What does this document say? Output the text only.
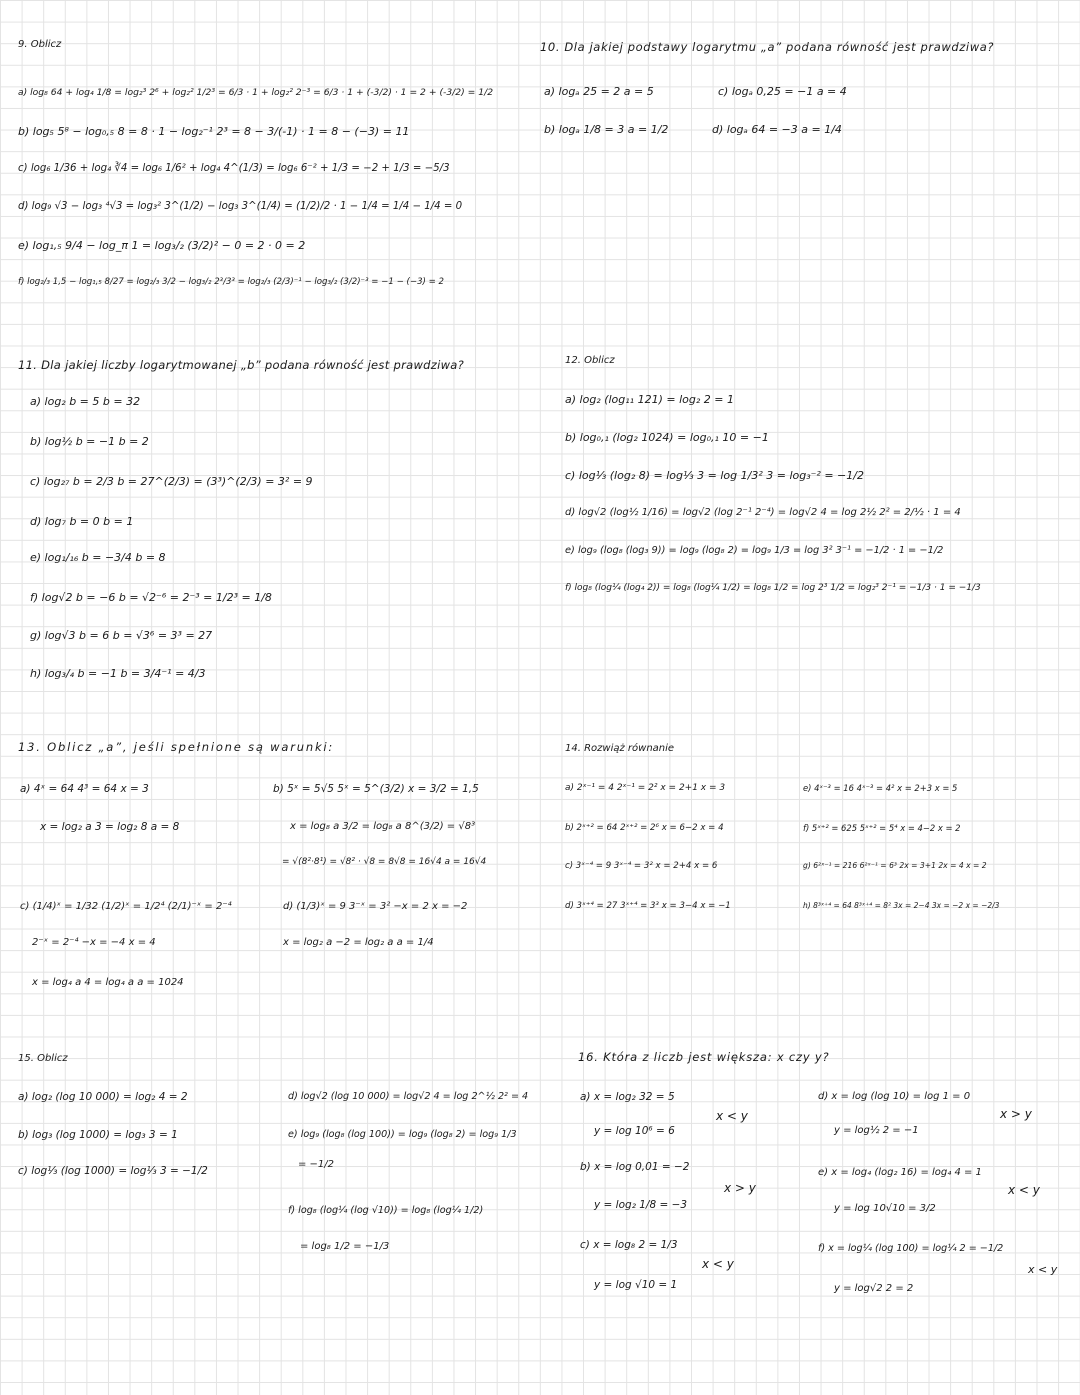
9. Oblicz
a) log₈ 64 + log₄ 1/8 = log₂³ 2⁶ + log₂² 1/2³ = 6/3 · 1 + log₂² 2⁻³ = 6/3 · 1 + (-3/2) · 1 = 2 + (-3/2) = 1/2
b) log₅ 5⁸ − log₀,₅ 8 = 8 · 1 − log₂⁻¹ 2³ = 8 − 3/(-1) · 1 = 8 − (−3) = 11
c) log₆ 1/36 + log₄ ∛4 = log₆ 1/6² + log₄ 4^(1/3) = log₆ 6⁻² + 1/3 = −2 + 1/3 = −5/3
d) log₉ √3 − log₃ ⁴√3 = log₃² 3^(1/2) − log₃ 3^(1/4) = (1/2)/2 · 1 − 1/4 = 1/4 − 1/4 = 0
e) log₁,₅ 9/4 − log_π 1 = log₃/₂ (3/2)² − 0 = 2 · 0 = 2
f) log₂/₃ 1,5 − log₁,₅ 8/27 = log₂/₃ 3/2 − log₃/₂ 2³/3³ = log₂/₃ (2/3)⁻¹ − log₃/₂ (3/2)⁻³ = −1 − (−3) = 2
10. Dla jakiej podstawy logarytmu „a” podana równość jest prawdziwa?
a) logₐ 25 = 2 a = 5	c) logₐ 0,25 = −1 a = 4
b) logₐ 1/8 = 3 a = 1/2	d) logₐ 64 = −3 a = 1/4
11. Dla jakiej liczby logarytmowanej „b” podana równość jest prawdziwa?
a) log₂ b = 5 b = 32
b) log½ b = −1 b = 2
c) log₂₇ b = 2/3 b = 27^(2/3) = (3³)^(2/3) = 3² = 9
d) log₇ b = 0 b = 1
e) log₁/₁₆ b = −3/4 b = 8
f) log√2 b = −6 b = √2⁻⁶ = 2⁻³ = 1/2³ = 1/8
g) log√3 b = 6 b = √3⁶ = 3³ = 27
h) log₃/₄ b = −1 b = 3/4⁻¹ = 4/3
12. Oblicz
a) log₂ (log₁₁ 121) = log₂ 2 = 1
b) log₀,₁ (log₂ 1024) = log₀,₁ 10 = −1
c) log⅓ (log₂ 8) = log⅓ 3 = log 1/3² 3 = log₃⁻² = −1/2
d) log√2 (log½ 1/16) = log√2 (log 2⁻¹ 2⁻⁴) = log√2 4 = log 2½ 2² = 2/½ · 1 = 4
e) log₉ (log₈ (log₃ 9)) = log₉ (log₈ 2) = log₉ 1/3 = log 3² 3⁻¹ = −1/2 · 1 = −1/2
f) log₈ (log¼ (log₄ 2)) = log₈ (log¼ 1/2) = log₈ 1/2 = log 2³ 1/2 = log₂³ 2⁻¹ = −1/3 · 1 = −1/3
13. Oblicz „a”, jeśli spełnione są warunki:
a) 4ˣ = 64 4³ = 64 x = 3
x = log₂ a 3 = log₂ 8 a = 8
b) 5ˣ = 5√5 5ˣ = 5^(3/2) x = 3/2 = 1,5
x = log₈ a 3/2 = log₈ a 8^(3/2) = √8³
= √(8²·8¹) = √8² · √8 = 8√8 = 16√4 a = 16√4
c) (1/4)ˣ = 1/32 (1/2)ˣ = 1/2⁴ (2/1)⁻ˣ = 2⁻⁴
2⁻ˣ = 2⁻⁴ −x = −4 x = 4
x = log₄ a 4 = log₄ a a = 1024
d) (1/3)ˣ = 9 3⁻ˣ = 3² −x = 2 x = −2
x = log₂ a −2 = log₂ a a = 1/4
14. Rozwiąż równanie
a) 2ˣ⁻¹ = 4 2ˣ⁻¹ = 2² x = 2+1 x = 3	e) 4ˣ⁻³ = 16 4ˣ⁻³ = 4² x = 2+3 x = 5
b) 2ˣ⁺² = 64 2ˣ⁺² = 2⁶ x = 6−2 x = 4	f) 5ˣ⁺² = 625 5ˣ⁺² = 5⁴ x = 4−2 x = 2
c) 3ˣ⁻⁴ = 9 3ˣ⁻⁴ = 3² x = 2+4 x = 6	g) 6²ˣ⁻¹ = 216 6²ˣ⁻¹ = 6³ 2x = 3+1 2x = 4 x = 2
d) 3ˣ⁺⁴ = 27 3ˣ⁺⁴ = 3³ x = 3−4 x = −1	h) 8³ˣ⁺⁴ = 64 8³ˣ⁺⁴ = 8² 3x = 2−4 3x = −2 x = −2/3
15. Oblicz
a) log₂ (log 10 000) = log₂ 4 = 2
b) log₃ (log 1000) = log₃ 3 = 1
c) log⅓ (log 1000) = log⅓ 3 = −1/2
d) log√2 (log 10 000) = log√2 4 = log 2^½ 2² = 4
e) log₉ (log₈ (log 100)) = log₉ (log₈ 2) = log₉ 1/3
= −1/2
f) log₈ (log¼ (log √10)) = log₈ (log¼ 1/2)
= log₈ 1/2 = −1/3
16. Która z liczb jest większa: x czy y?
a) x = log₂ 32 = 5
y = log 10⁶ = 6
x < y
b) x = log 0,01 = −2
y = log₂ 1/8 = −3
x > y
c) x = log₈ 2 = 1/3
y = log √10 = 1
x < y
d) x = log (log 10) = log 1 = 0
y = log½ 2 = −1
x > y
e) x = log₄ (log₂ 16) = log₄ 4 = 1
y = log 10√10 = 3/2
x < y
f) x = log¼ (log 100) = log¼ 2 = −1/2
y = log√2 2 = 2
x < y
